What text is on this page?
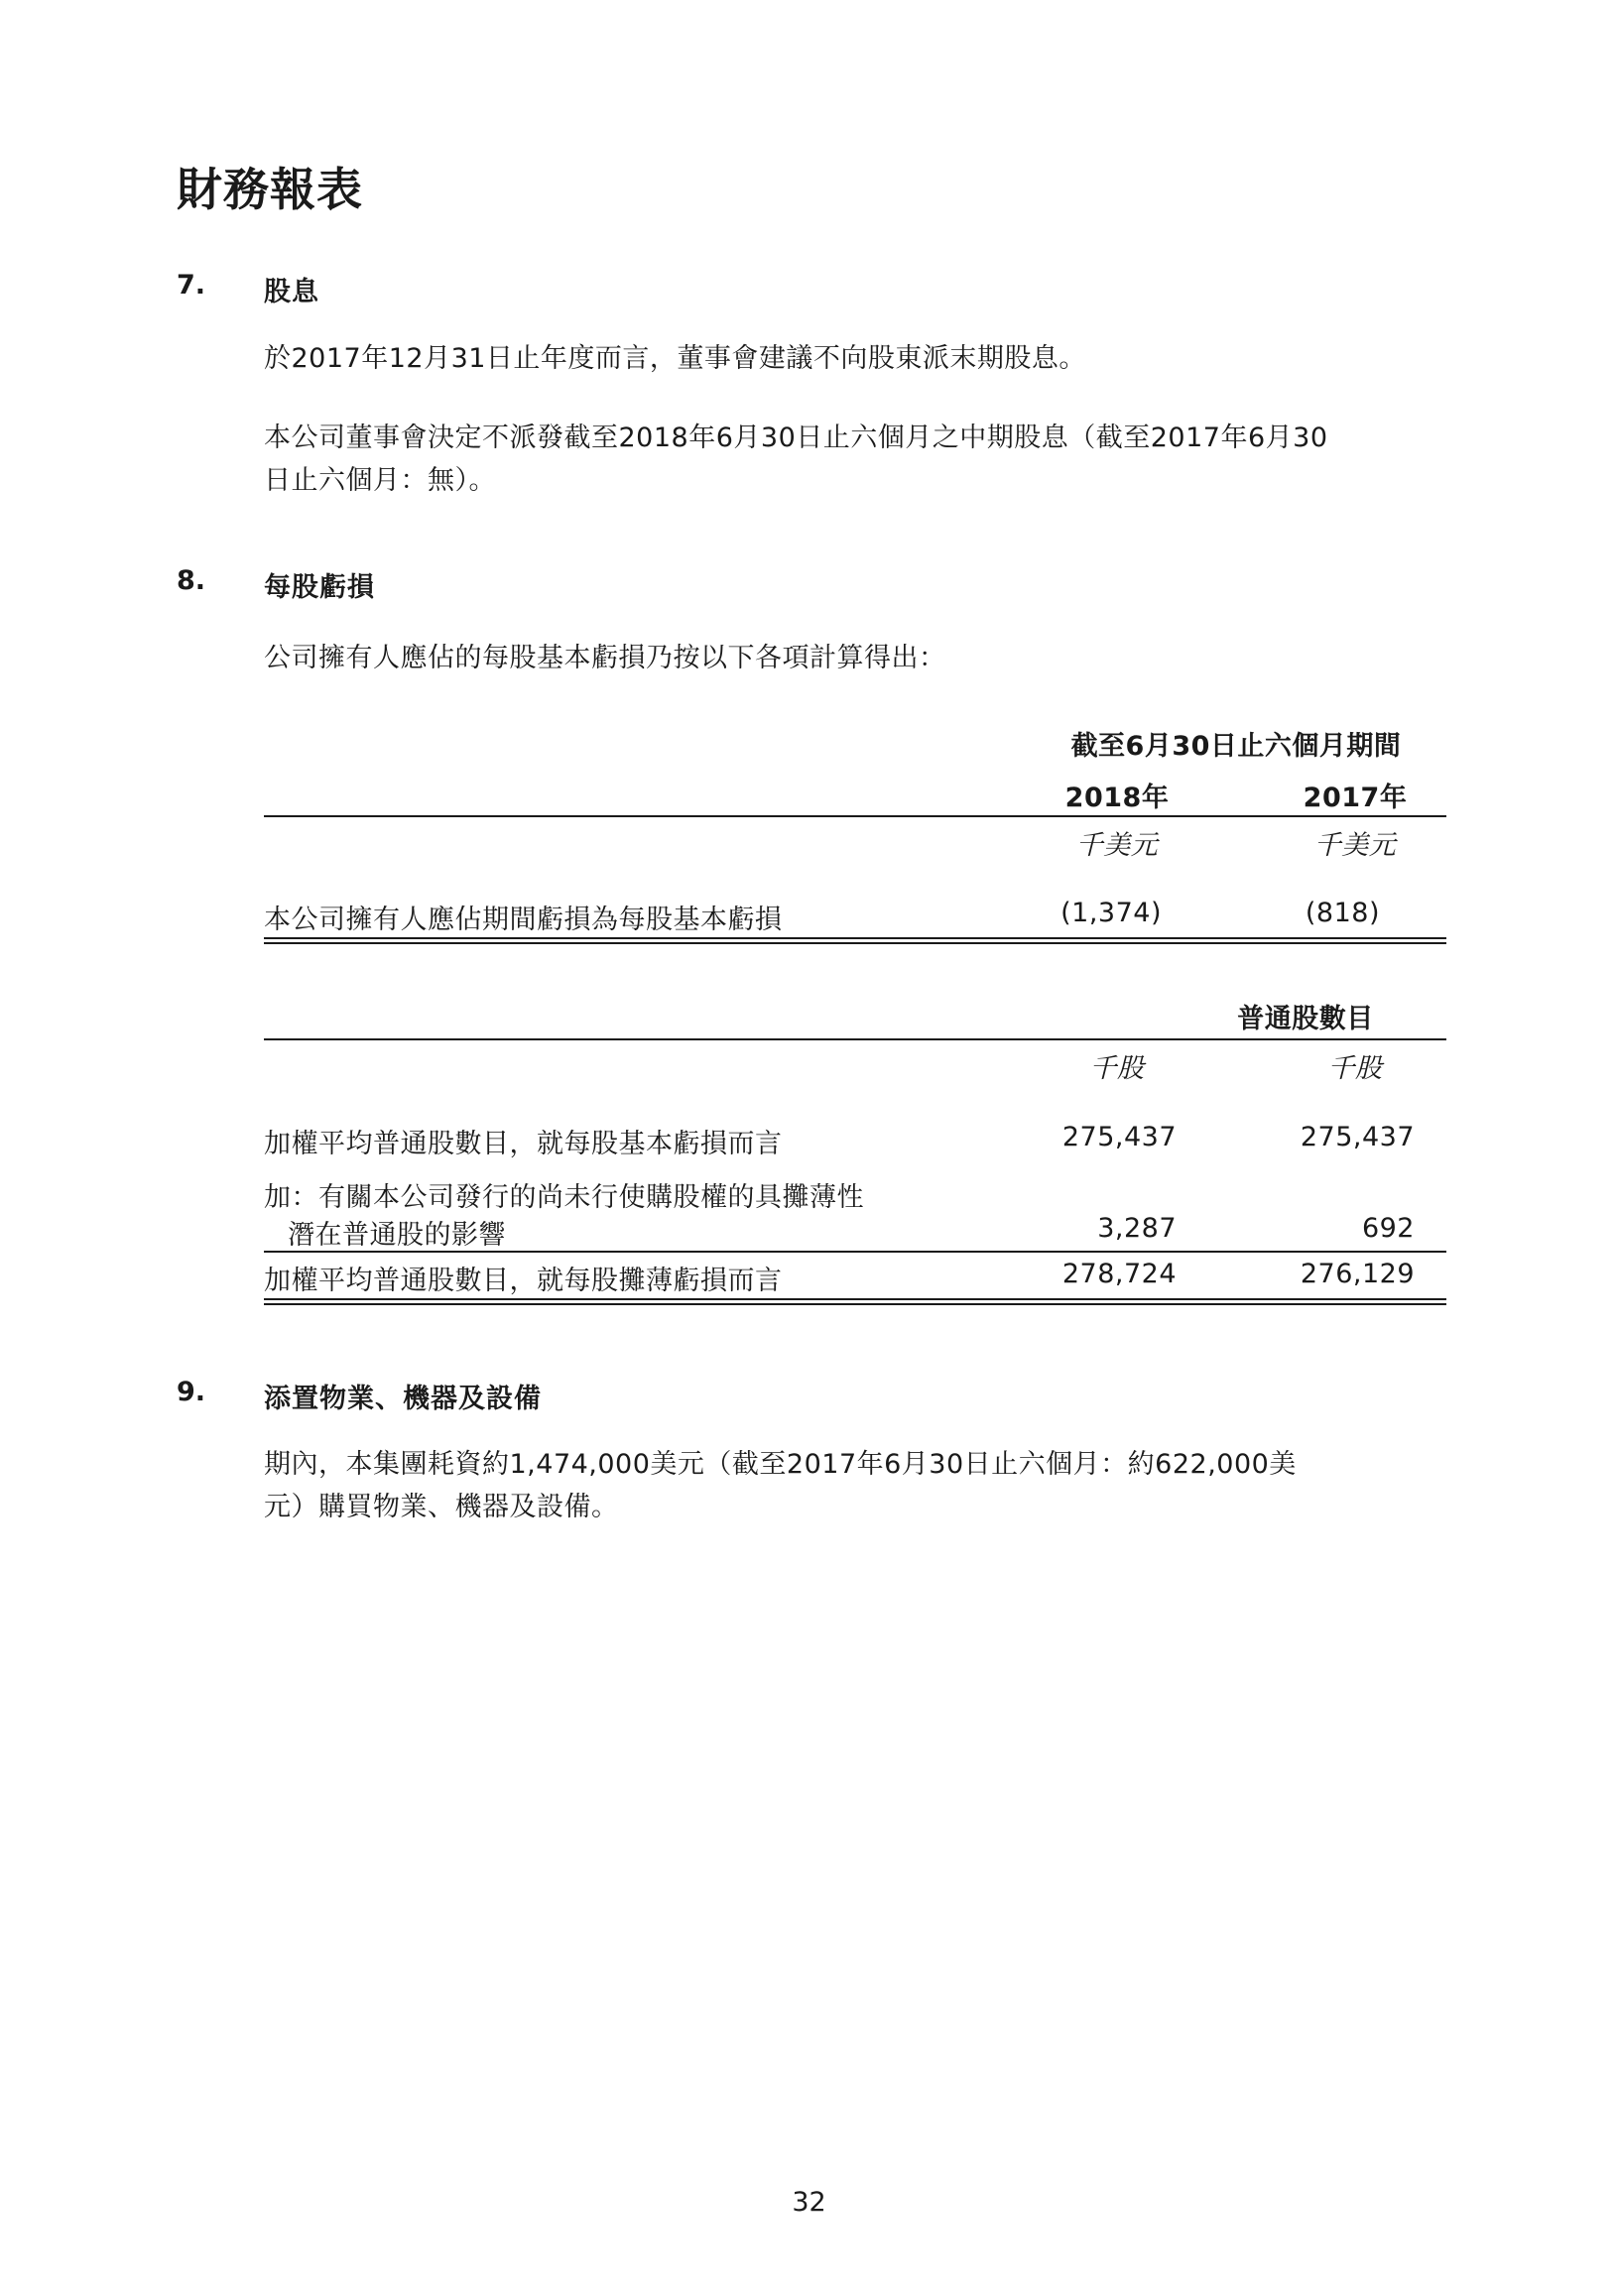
財務報表
7. 股息
於2017年12月31日止年度而言，董事會建議不向股東派末期股息。
本公司董事會決定不派發截至2018年6月30日止六個月之中期股息（截至2017年6月30
日止六個月：無）。
8. 每股虧損
公司擁有人應佔的每股基本虧損乃按以下各項計算得出：
截至6月30日止六個月期間
2018年	2017年
千美元	千美元
本公司擁有人應佔期間虧損為每股基本虧損	(1,374)	(818)
普通股數目
千股	千股
加權平均普通股數目，就每股基本虧損而言	275,437	275,437
加：有關本公司發行的尚未行使購股權的具攤薄性
潛在普通股的影響	3,287	692
加權平均普通股數目，就每股攤薄虧損而言	278,724	276,129
9. 添置物業、機器及設備
期內，本集團耗資約1,474,000美元（截至2017年6月30日止六個月：約622,000美
元）購買物業、機器及設備。
32
